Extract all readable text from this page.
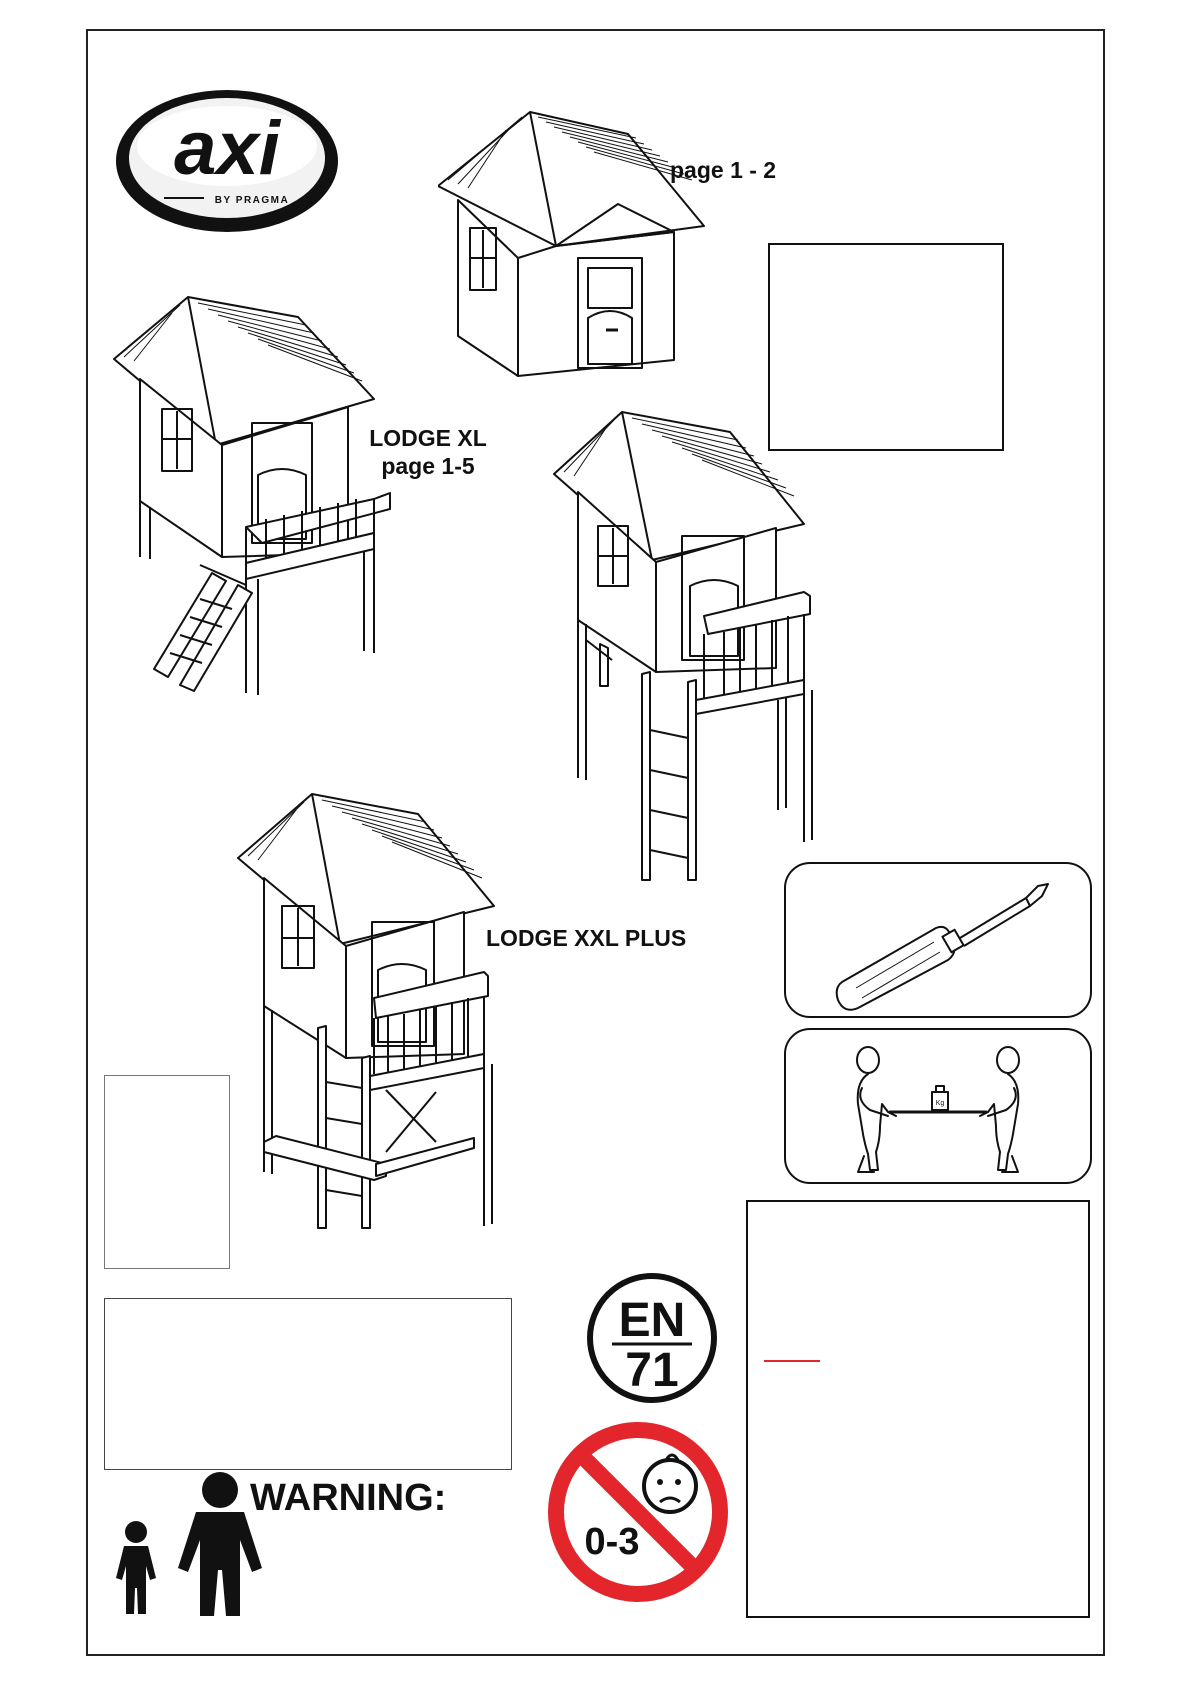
axi
BY PRAGMA
page 1 - 2
LODGE XL
page 1-5
LODGE XXL PLUS
Kg
EN
71
0-3
WARNING:
